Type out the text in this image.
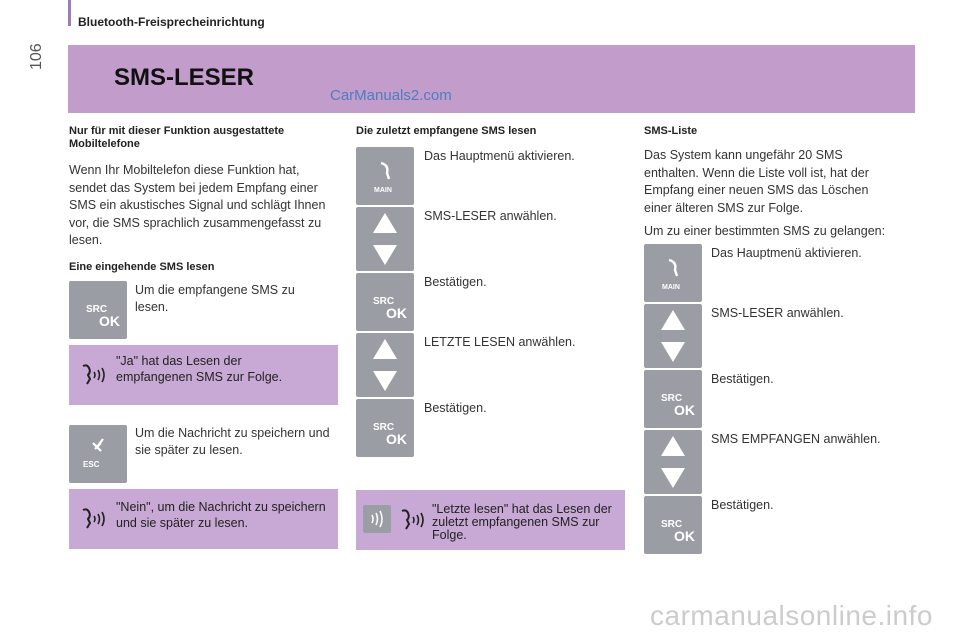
106
Bluetooth-Freisprecheinrichtung
SMS-LESER
CarManuals2.com
Nur für mit dieser Funktion ausgestattete Mobiltelefone
Wenn Ihr Mobiltelefon diese Funktion hat, sendet das System bei jedem Empfang einer SMS ein akustisches Signal und schlägt Ihnen vor, die SMS sprachlich zusammengefasst zu lesen.
Eine eingehende SMS lesen
SRC
OK
Um die empfangene SMS zu lesen.
"Ja" hat das Lesen der empfangenen SMS zur Folge.
ESC
Um die Nachricht zu speichern und sie später zu lesen.
"Nein", um die Nachricht zu speichern und sie später zu lesen.
Die zuletzt empfangene SMS lesen
MAIN
Das Hauptmenü aktivieren.
SMS-LESER anwählen.
SRC
OK
Bestätigen.
LETZTE LESEN anwählen.
SRC
OK
Bestätigen.
"Letzte lesen" hat das Lesen der zuletzt empfangenen SMS zur Folge.
SMS-Liste
Das System kann ungefähr 20 SMS enthalten. Wenn die Liste voll ist, hat der Empfang einer neuen SMS das Löschen einer älteren SMS zur Folge.
Um zu einer bestimmten SMS zu gelangen:
MAIN
Das Hauptmenü aktivieren.
SMS-LESER anwählen.
SRC
OK
Bestätigen.
SMS EMPFANGEN anwählen.
SRC
OK
Bestätigen.
carmanualsonline.info
